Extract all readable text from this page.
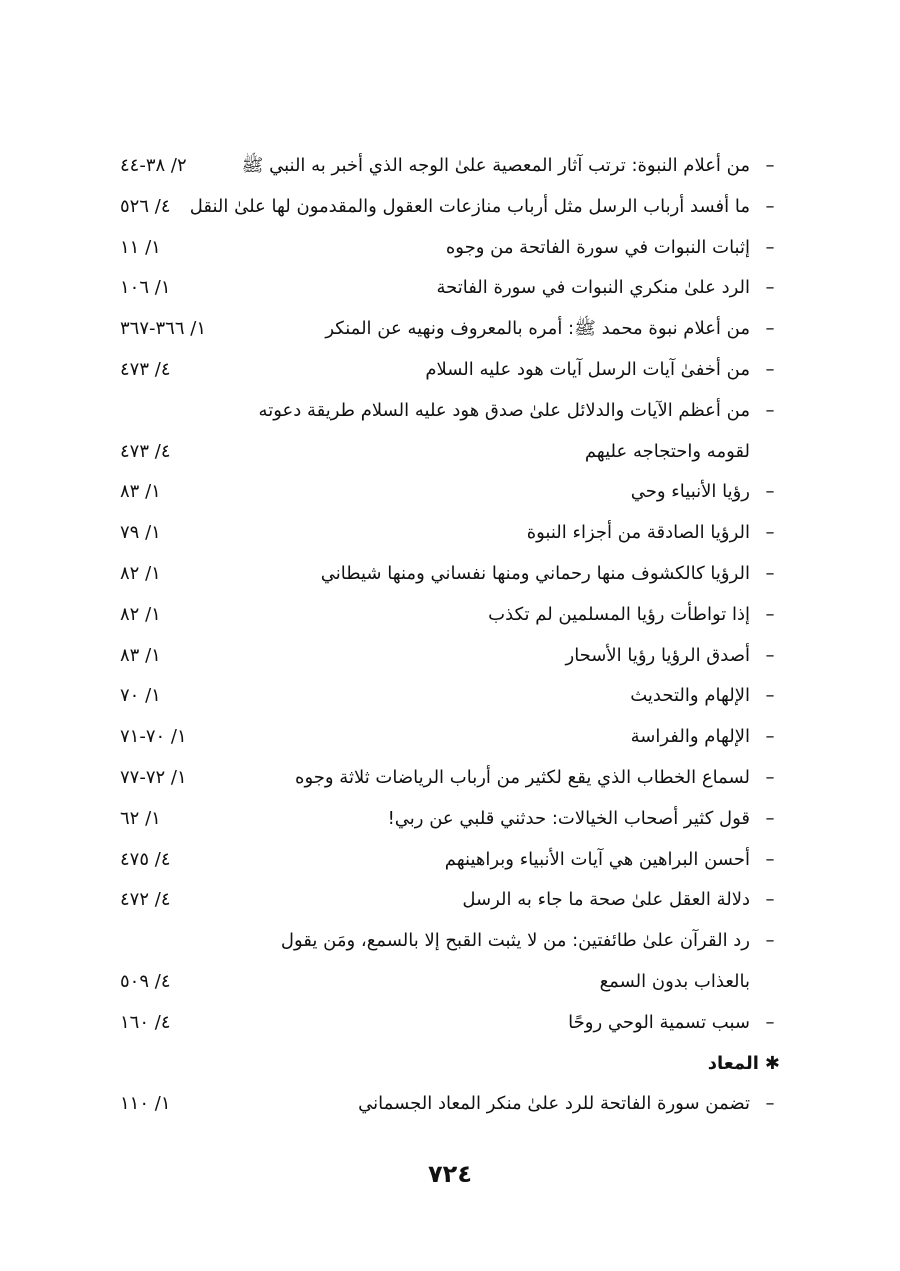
–
من أعلام النبوة: ترتب آثار المعصية علىٰ الوجه الذي أخبر به النبي ﷺ
٢/ ٣٨-٤٤
–
ما أفسد أرباب الرسل مثل أرباب منازعات العقول والمقدمون لها علىٰ النقل
٤/ ٥٢٦
–
إثبات النبوات في سورة الفاتحة من وجوه
١/ ١١
–
الرد علىٰ منكري النبوات في سورة الفاتحة
١/ ١٠٦
–
من أعلام نبوة محمد ﷺ: أمره بالمعروف ونهيه عن المنكر
١/ ٣٦٦-٣٦٧
–
من أخفىٰ آيات الرسل آيات هود عليه السلام
٤/ ٤٧٣
–
من أعظم الآيات والدلائل علىٰ صدق هود عليه السلام طريقة دعوته
لقومه واحتجاجه عليهم
٤/ ٤٧٣
–
رؤيا الأنبياء وحي
١/ ٨٣
–
الرؤيا الصادقة من أجزاء النبوة
١/ ٧٩
–
الرؤيا كالكشوف منها رحماني ومنها نفساني ومنها شيطاني
١/ ٨٢
–
إذا تواطأت رؤيا المسلمين لم تكذب
١/ ٨٢
–
أصدق الرؤيا رؤيا الأسحار
١/ ٨٣
–
الإلهام والتحديث
١/ ٧٠
–
الإلهام والفراسة
١/ ٧٠-٧١
–
لسماع الخطاب الذي يقع لكثير من أرباب الرياضات ثلاثة وجوه
١/ ٧٢-٧٧
–
قول كثير أصحاب الخيالات: حدثني قلبي عن ربي!
١/ ٦٢
–
أحسن البراهين هي آيات الأنبياء وبراهينهم
٤/ ٤٧٥
–
دلالة العقل علىٰ صحة ما جاء به الرسل
٤/ ٤٧٢
–
رد القرآن علىٰ طائفتين: من لا يثبت القبح إلا بالسمع، ومَن يقول
بالعذاب بدون السمع
٤/ ٥٠٩
–
سبب تسمية الوحي روحًا
٤/ ١٦٠
✱المعاد
–
تضمن سورة الفاتحة للرد علىٰ منكر المعاد الجسماني
١/ ١١٠
٧٢٤
